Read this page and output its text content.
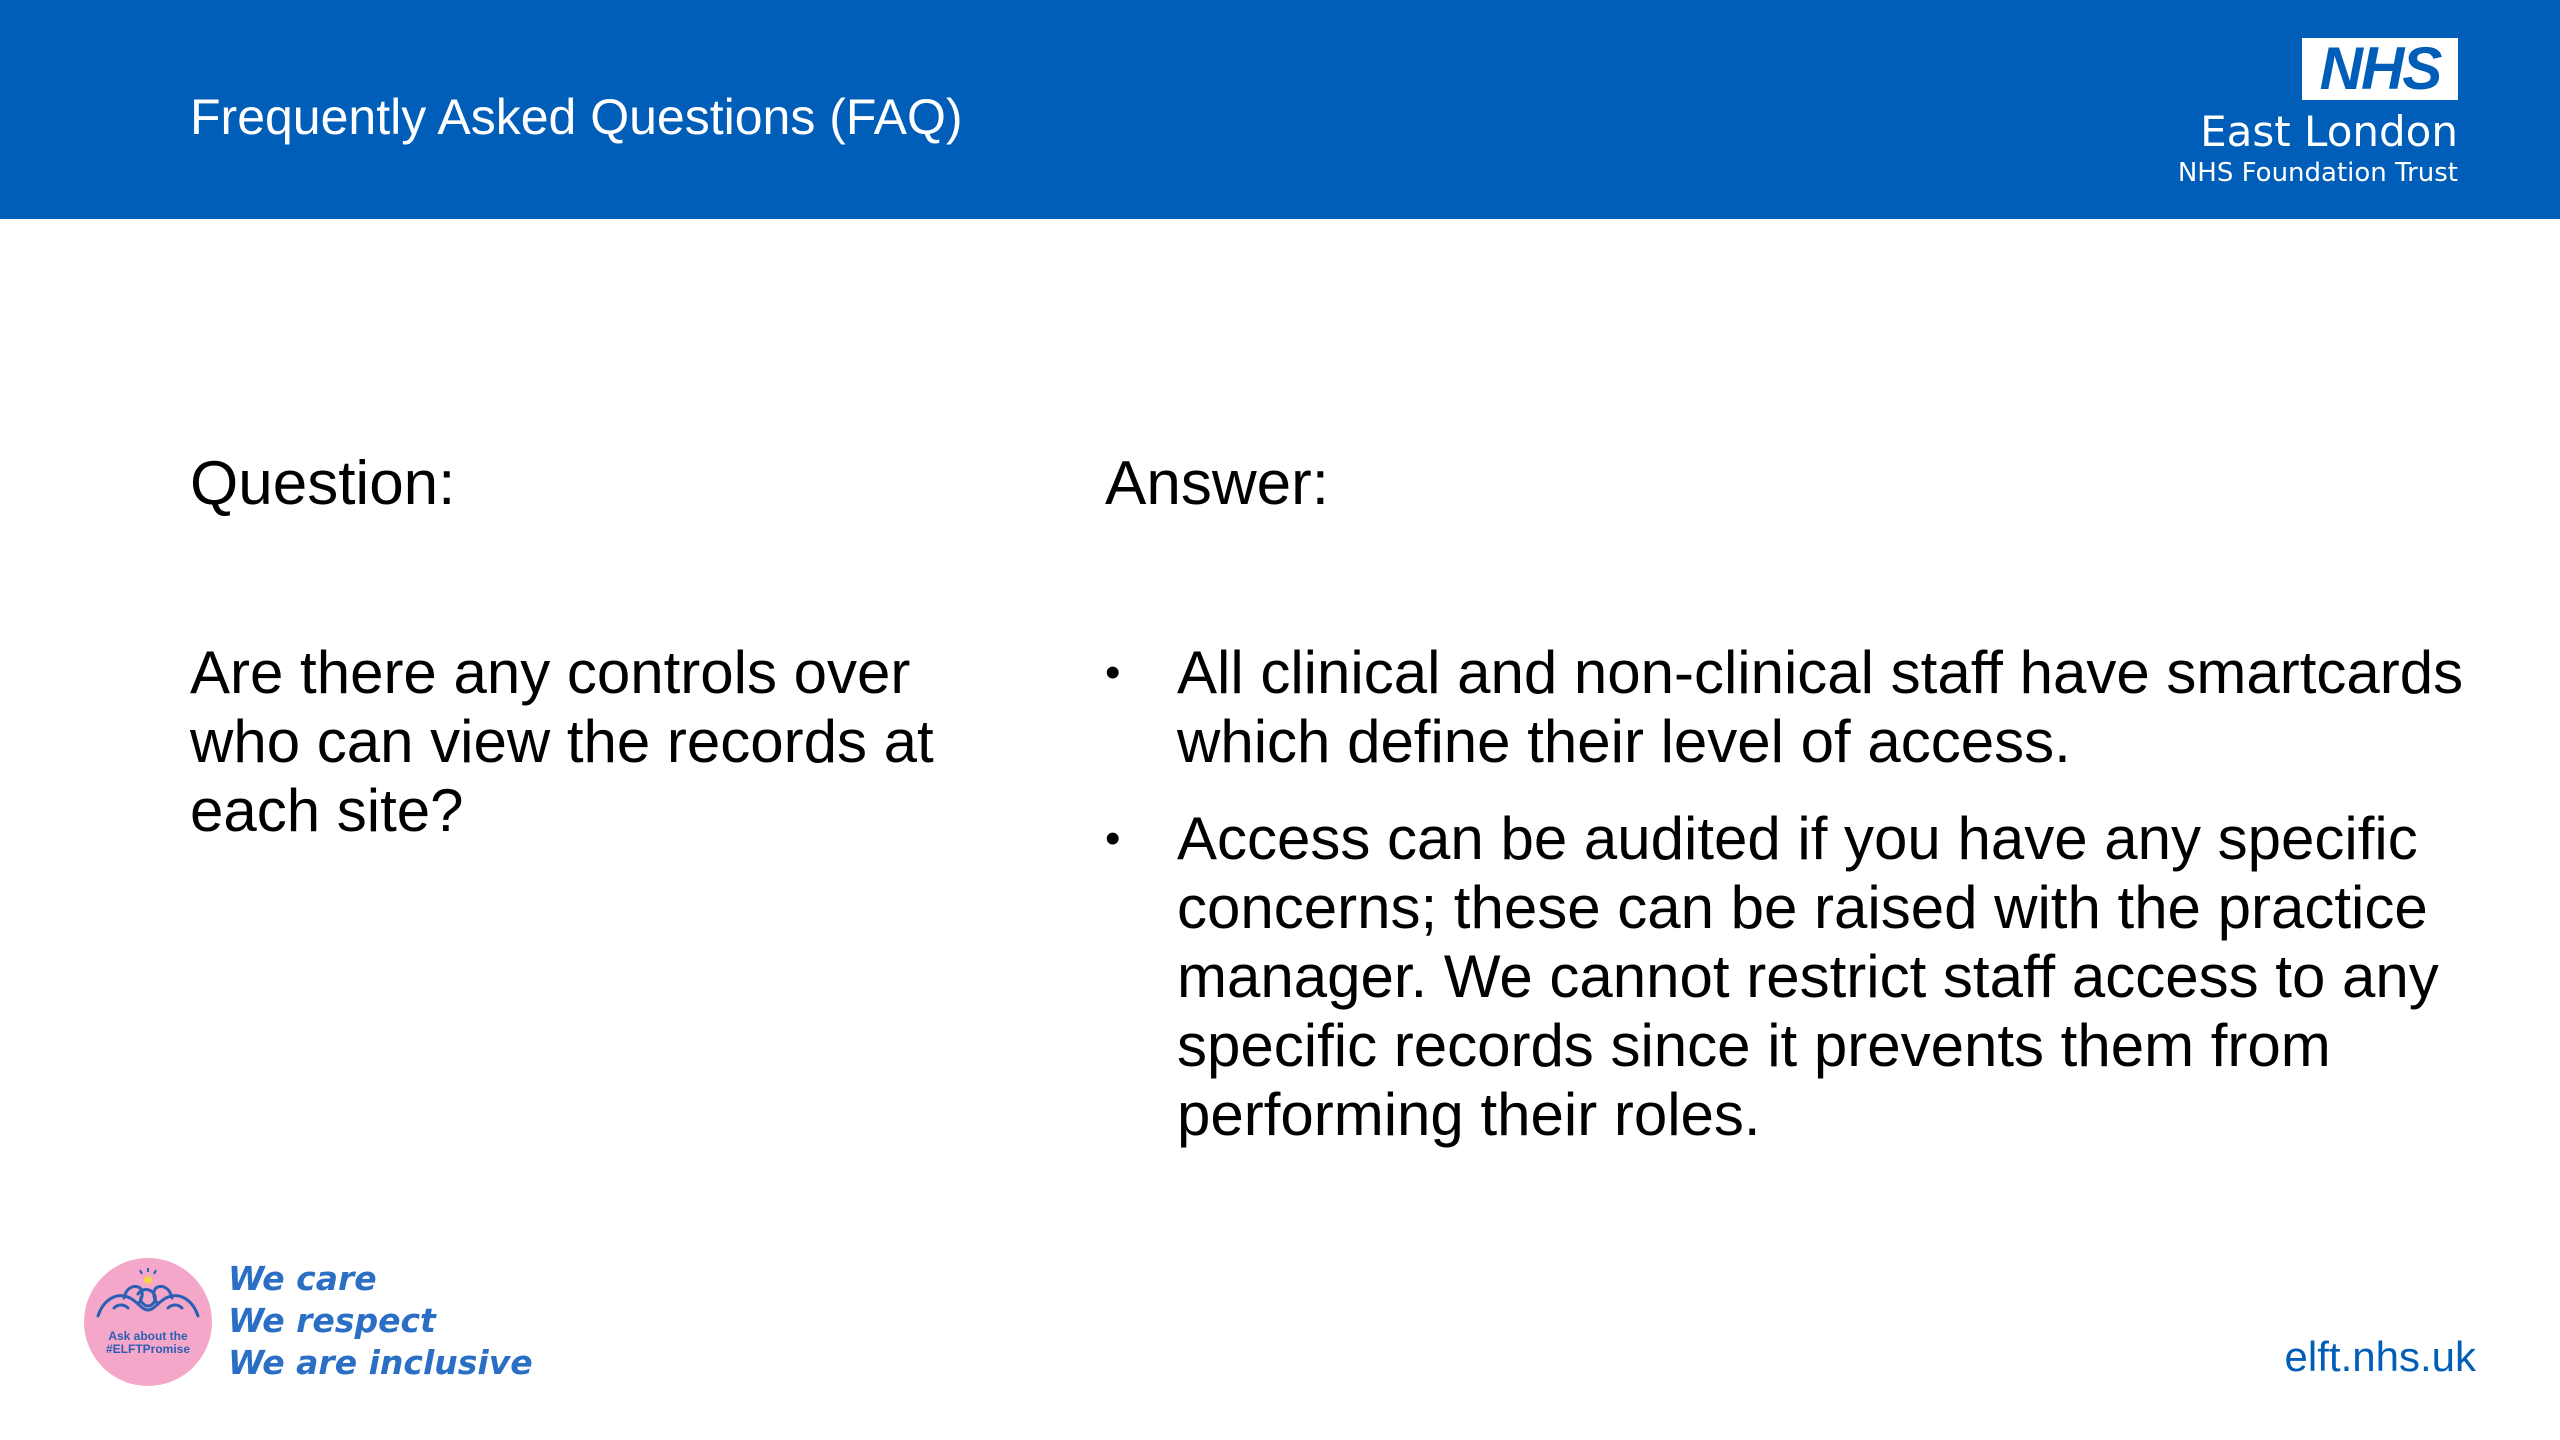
Frequently Asked Questions (FAQ)
NHS
East London
NHS Foundation Trust
Question:	Answer:
Are there any controls over who can view the records at each site?
• All clinical and non-clinical staff have smartcards which define their level of access.
• Access can be audited if you have any specific concerns; these can be raised with the practice manager. We cannot restrict staff access to any specific records since it prevents them from performing their roles.
Ask about the
#ELFTPromise
We care
We respect
We are inclusive	elft.nhs.uk
